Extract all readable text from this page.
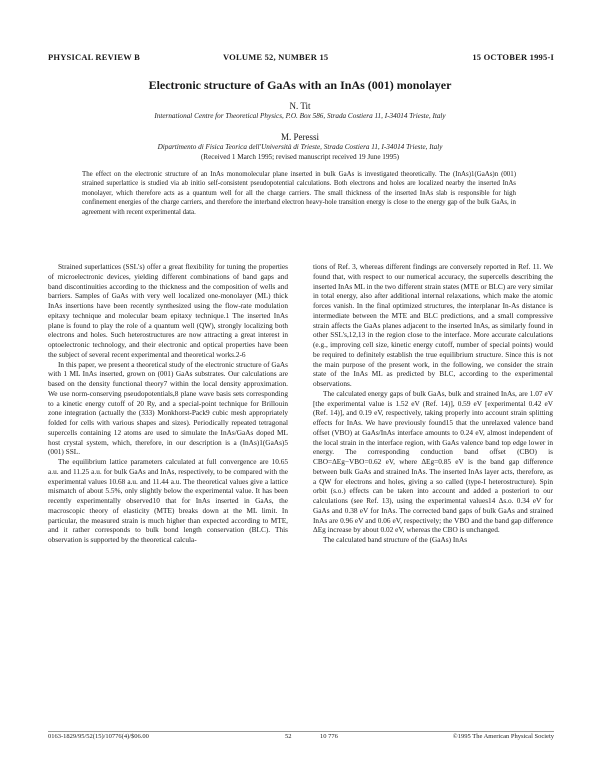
PHYSICAL REVIEW B	VOLUME 52, NUMBER 15	15 OCTOBER 1995-I
Electronic structure of GaAs with an InAs (001) monolayer
N. Tit
International Centre for Theoretical Physics, P.O. Box 586, Strada Costiera 11, I-34014 Trieste, Italy
M. Peressi
Dipartimento di Fisica Teorica dell'Università di Trieste, Strada Costiera 11, I-34014 Trieste, Italy
(Received 1 March 1995; revised manuscript received 19 June 1995)
The effect on the electronic structure of an InAs monomolecular plane inserted in bulk GaAs is investigated theoretically. The (InAs)1(GaAs)n (001) strained superlattice is studied via ab initio self-consistent pseudopotential calculations. Both electrons and holes are localized nearby the inserted InAs monolayer, which therefore acts as a quantum well for all the charge carriers. The small thickness of the inserted InAs slab is responsible for high confinement energies of the charge carriers, and therefore the interband electron heavy-hole transition energy is close to the energy gap of the bulk GaAs, in agreement with recent experimental data.

Strained superlattices (SSL's) offer a great flexibility for tuning the properties of microelectronic devices, yielding different combinations of band gaps and band discontinuities according to the thickness and the composition of wells and barriers. Samples of GaAs with very well localized one-monolayer (ML) thick InAs insertions have been recently synthesized using the flow-rate modulation epitaxy technique and molecular beam epitaxy technique.1 The inserted InAs plane is found to play the role of a quantum well (QW), strongly localizing both electrons and holes. Such heterostructures are now attracting a great interest in optoelectronic technology, and their electronic and optical properties have been the subject of several recent experimental and theoretical works.2-6

In this paper, we present a theoretical study of the electronic structure of GaAs with 1 ML InAs inserted, grown on (001) GaAs substrates. Our calculations are based on the density functional theory7 within the local density approximation. We use norm-conserving pseudopotentials,8 plane wave basis sets corresponding to a kinetic energy cutoff of 20 Ry, and a special-point technique for Brillouin zone integration (actually the (333) Monkhorst-Pack9 cubic mesh appropriately folded for cells with various shapes and sizes). Periodically repeated tetragonal supercells containing 12 atoms are used to simulate the InAs/GaAs doped ML host crystal system, which, therefore, in our description is a (InAs)1(GaAs)5 (001) SSL.

The equilibrium lattice parameters calculated at full convergence are 10.65 a.u. and 11.25 a.u. for bulk GaAs and InAs, respectively, to be compared with the experimental values 10.68 a.u. and 11.44 a.u. The theoretical values give a lattice mismatch of about 5.5%, only slightly below the experimental value. It has been recently experimentally observed10 that for InAs inserted in GaAs, the macroscopic theory of elasticity (MTE) breaks down at the ML limit. In particular, the measured strain is much higher than expected according to MTE, and it rather corresponds to bulk bond length conservation (BLC). This observation is supported by the theoretical calcula-

tions of Ref. 3, whereas different findings are conversely reported in Ref. 11. We found that, with respect to our numerical accuracy, the supercells describing the inserted InAs ML in the two different strain states (MTE or BLC) are very similar in total energy, also after additional internal relaxations, which make the atomic forces vanish. In the final optimized structures, the interplanar In-As distance is intermediate between the MTE and BLC predictions, and a small compressive strain affects the GaAs planes adjacent to the inserted InAs, as similarly found in other SSL's,12,13 in the region close to the interface. More accurate calculations (e.g., improving cell size, kinetic energy cutoff, number of special points) would be required to definitely establish the true equilibrium structure. Since this is not the main purpose of the present work, in the following, we consider the strain state of the InAs ML as predicted by BLC, according to the experimental observations.

The calculated energy gaps of bulk GaAs, bulk and strained InAs, are 1.07 eV [the experimental value is 1.52 eV (Ref. 14)], 0.59 eV [experimental 0.42 eV (Ref. 14)], and 0.19 eV, respectively, taking properly into account strain splitting effects for InAs. We have previously found15 that the unrelaxed valence band offset (VBO) at GaAs/InAs interface amounts to 0.24 eV, almost independent of the local strain in the interface region, with GaAs valence band top edge lower in energy. The corresponding conduction band offset (CBO) is CBO=ΔEg−VBO=0.62 eV, where ΔEg=0.85 eV is the band gap difference between bulk GaAs and strained InAs. The inserted InAs layer acts, therefore, as a QW for electrons and holes, giving a so called (type-I heterostructure). Spin orbit (s.o.) effects can be taken into account and added a posteriori to our calculations (see Ref. 13), using the experimental values14 Δs.o. 0.34 eV for GaAs and 0.38 eV for InAs. The corrected band gaps of bulk GaAs and strained InAs are 0.96 eV and 0.06 eV, respectively; the VBO and the band gap difference ΔEg increase by about 0.02 eV, whereas the CBO is unchanged.

The calculated band structure of the (GaAs) InAs

0163-1829/95/52(15)/10776(4)/$06.00	52	10 776	©1995 The American Physical Society
